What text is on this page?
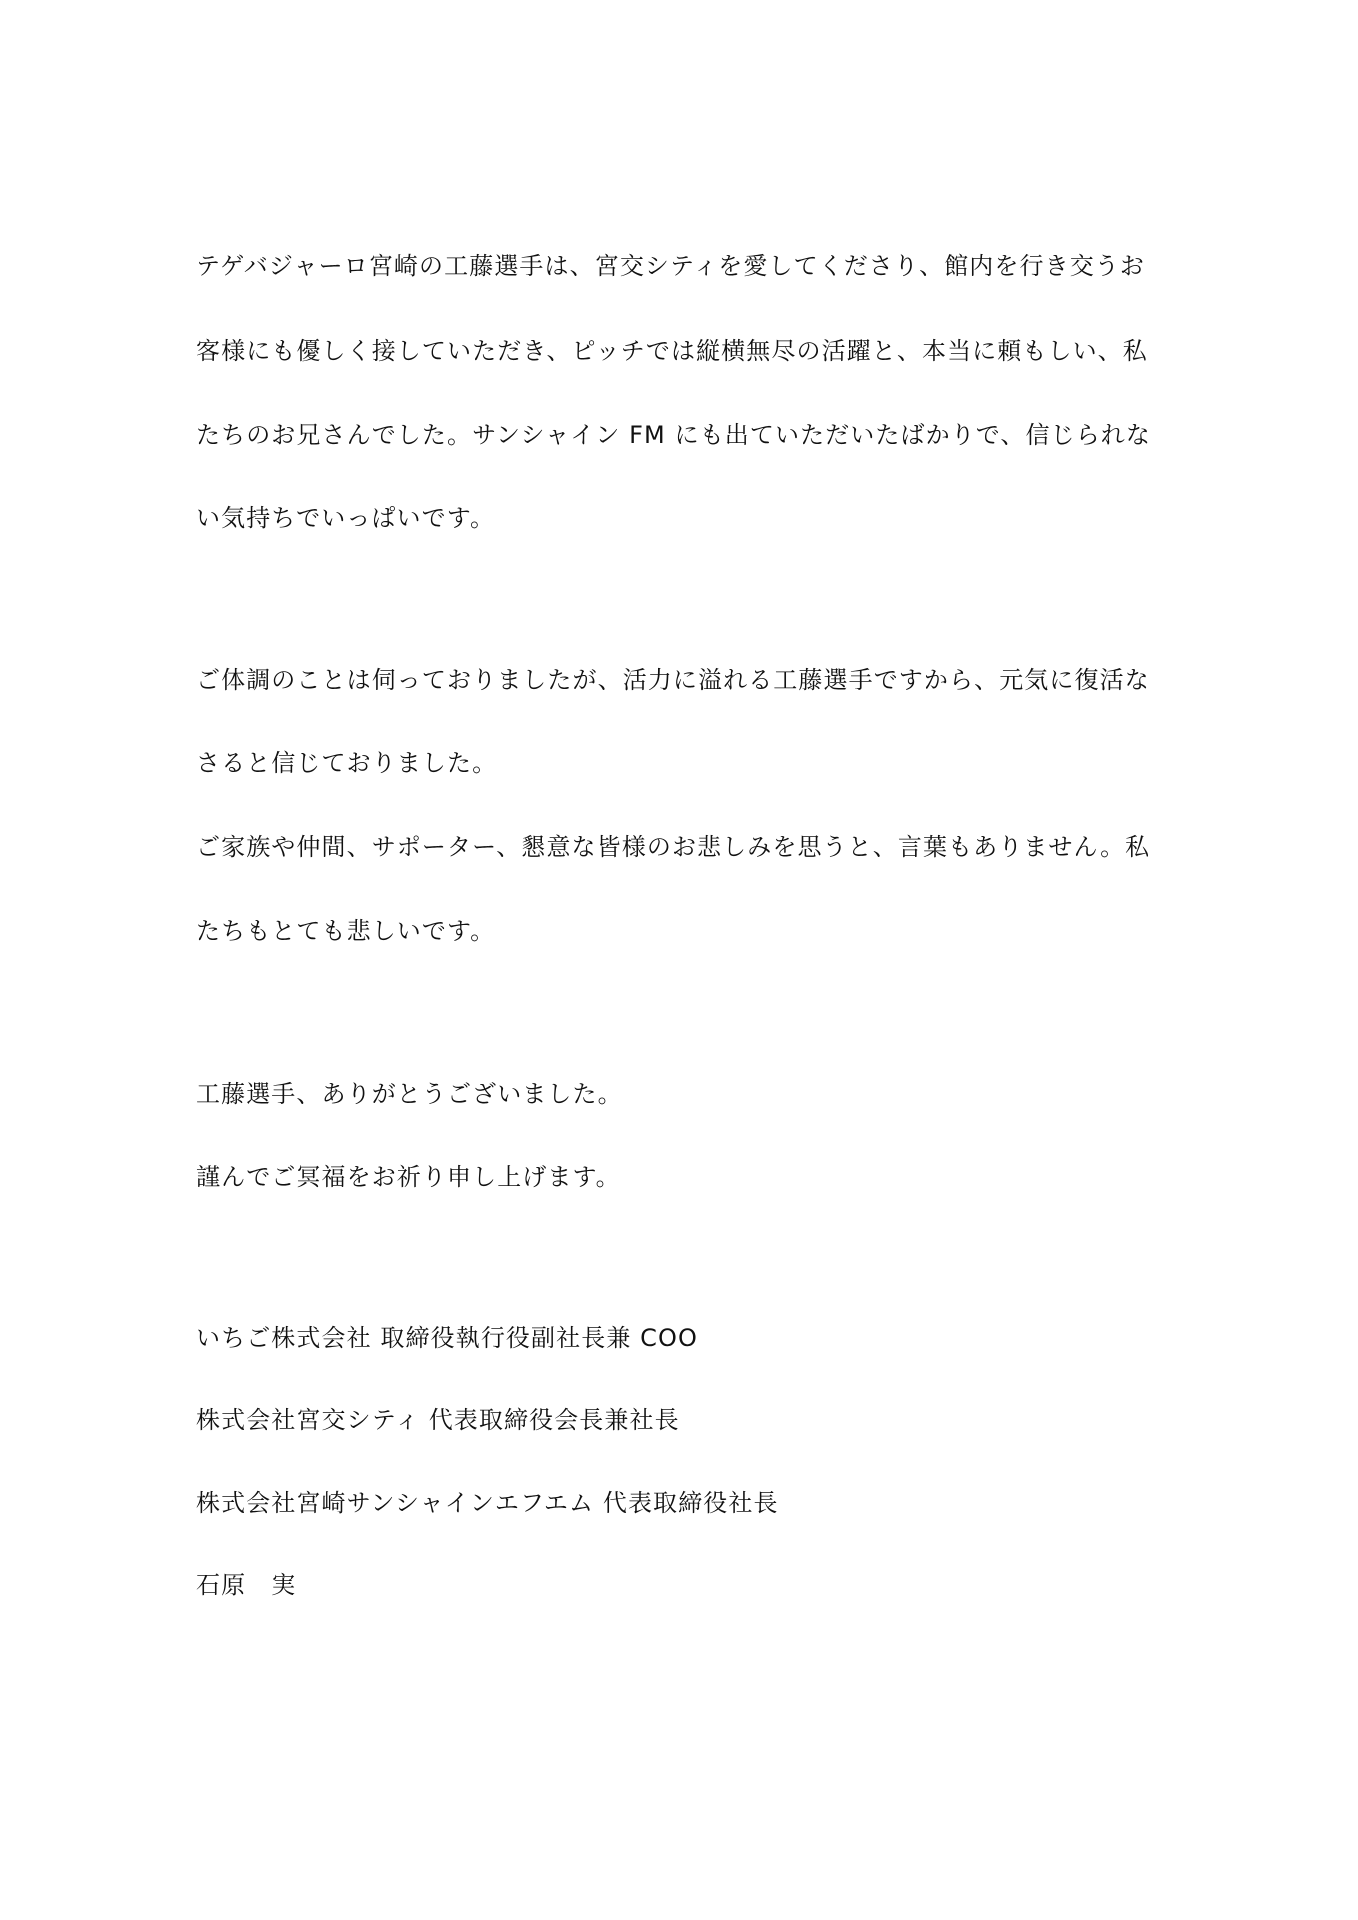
テゲバジャーロ宮崎の工藤選手は、宮交シティを愛してくださり、館内を行き交うお
客様にも優しく接していただき、ピッチでは縦横無尽の活躍と、本当に頼もしい、私
たちのお兄さんでした。サンシャイン FM にも出ていただいたばかりで、信じられな
い気持ちでいっぱいです。
ご体調のことは伺っておりましたが、活力に溢れる工藤選手ですから、元気に復活な
さると信じておりました。
ご家族や仲間、サポーター、懇意な皆様のお悲しみを思うと、言葉もありません。私
たちもとても悲しいです。
工藤選手、ありがとうございました。
謹んでご冥福をお祈り申し上げます。
いちご株式会社 取締役執行役副社長兼 COO
株式会社宮交シティ 代表取締役会長兼社長
株式会社宮崎サンシャインエフエム 代表取締役社長
石原　実
